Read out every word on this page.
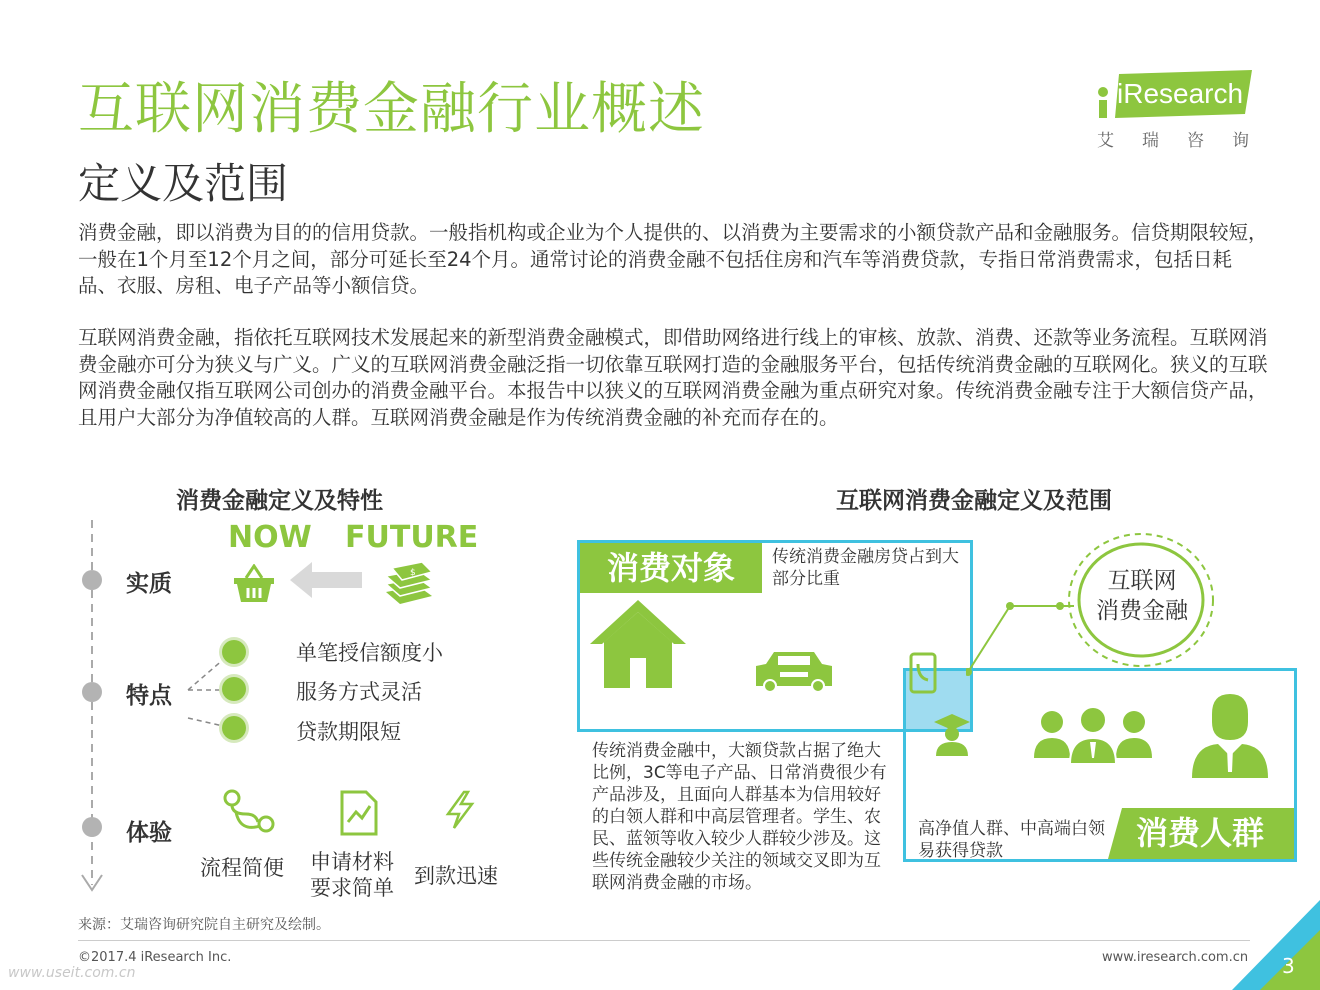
互联网消费金融行业概述
定义及范围
iResearch
艾瑞咨询
消费金融，即以消费为目的的信用贷款。一般指机构或企业为个人提供的、以消费为主要需求的小额贷款产品和金融服务。信贷期限较短，一般在1个月至12个月之间，部分可延长至24个月。通常讨论的消费金融不包括住房和汽车等消费贷款，专指日常消费需求，包括日耗品、衣服、房租、电子产品等小额信贷。
互联网消费金融，指依托互联网技术发展起来的新型消费金融模式，即借助网络进行线上的审核、放款、消费、还款等业务流程。互联网消费金融亦可分为狭义与广义。广义的互联网消费金融泛指一切依靠互联网打造的金融服务平台，包括传统消费金融的互联网化。狭义的互联网消费金融仅指互联网公司创办的消费金融平台。本报告中以狭义的互联网消费金融为重点研究对象。传统消费金融专注于大额信贷产品，且用户大部分为净值较高的人群。互联网消费金融是作为传统消费金融的补充而存在的。
消费金融定义及特性
实质
特点
体验
NOW FUTURE
$
单笔授信额度小
服务方式灵活
贷款期限短
流程简便 申请材料
要求简单 到款迅速
互联网消费金融定义及范围
消费对象	传统消费金融房贷占到大部分比重
高净值人群、中高端白领易获得贷款	消费人群
互联网
消费金融
传统消费金融中，大额贷款占据了绝大比例，3C等电子产品、日常消费很少有产品涉及，且面向人群基本为信用较好的白领人群和中高层管理者。学生、农民、蓝领等收入较少人群较少涉及。这些传统金融较少关注的领域交叉即为互联网消费金融的市场。
来源：艾瑞咨询研究院自主研究及绘制。
©2017.4 iResearch Inc.	www.iresearch.com.cn
www.useit.com.cn	3
